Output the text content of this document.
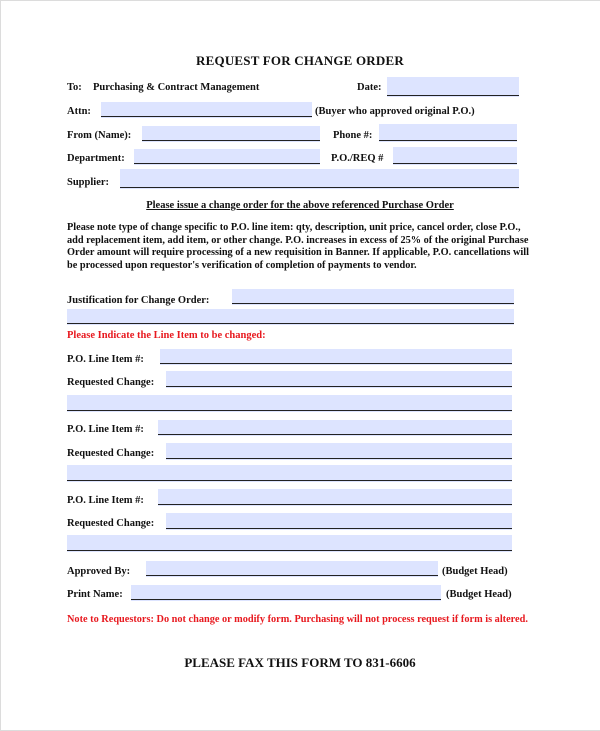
REQUEST FOR CHANGE ORDER
To: Purchasing & Contract Management	Date:
Attn:	(Buyer who approved original P.O.)
From (Name):	Phone #:
Department:	P.O./REQ #
Supplier:
Please issue a change order for the above referenced Purchase Order
Please note type of change specific to P.O. line item: qty, description, unit price, cancel order, close P.O., add replacement item, add item, or other change. P.O. increases in excess of 25% of the original Purchase Order amount will require processing of a new requisition in Banner. If applicable, P.O. cancellations will be processed upon requestor's verification of completion of payments to vendor.
Justification for Change Order:
Please Indicate the Line Item to be changed:
P.O. Line Item #:
Requested Change:
P.O. Line Item #:
Requested Change:
P.O. Line Item #:
Requested Change:
Approved By:	(Budget Head)
Print Name:	(Budget Head)
Note to Requestors: Do not change or modify form. Purchasing will not process request if form is altered.
PLEASE FAX THIS FORM TO 831-6606
